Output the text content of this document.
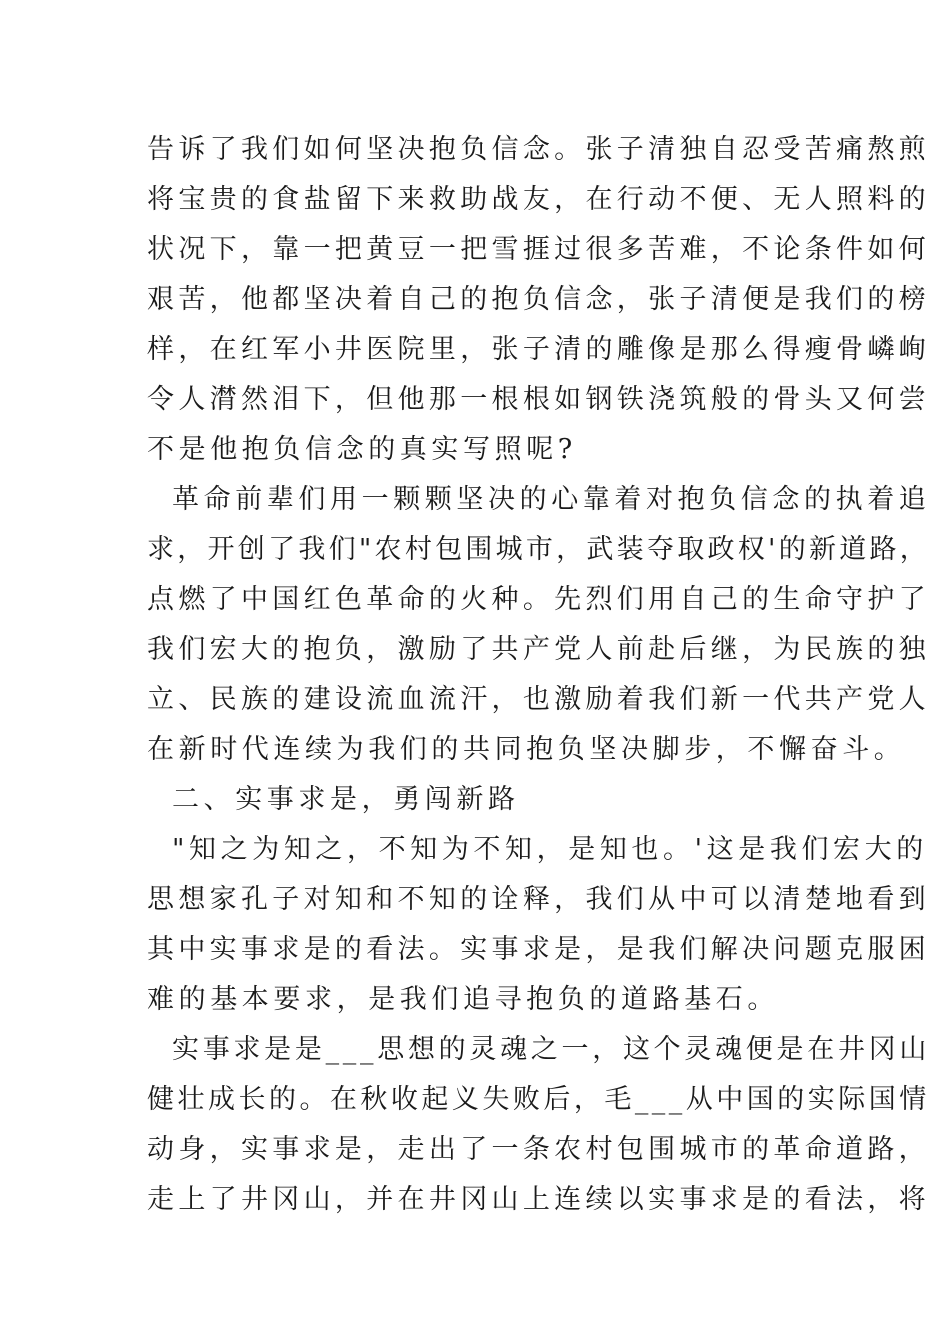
告诉了我们如何坚决抱负信念。张子清独自忍受苦痛熬煎
将宝贵的食盐留下来救助战友，在行动不便、无人照料的
状况下，靠一把黄豆一把雪捱过很多苦难，不论条件如何
艰苦，他都坚决着自己的抱负信念，张子清便是我们的榜
样，在红军小井医院里，张子清的雕像是那么得瘦骨嶙峋
令人潸然泪下，但他那一根根如钢铁浇筑般的骨头又何尝
不是他抱负信念的真实写照呢?
革命前辈们用一颗颗坚决的心靠着对抱负信念的执着追
求，开创了我们"农村包围城市，武装夺取政权'的新道路，
点燃了中国红色革命的火种。先烈们用自己的生命守护了
我们宏大的抱负，激励了共产党人前赴后继，为民族的独
立、民族的建设流血流汗，也激励着我们新一代共产党人
在新时代连续为我们的共同抱负坚决脚步，不懈奋斗。
二、实事求是，勇闯新路
"知之为知之，不知为不知，是知也。'这是我们宏大的
思想家孔子对知和不知的诠释，我们从中可以清楚地看到
其中实事求是的看法。实事求是，是我们解决问题克服困
难的基本要求，是我们追寻抱负的道路基石。
实事求是是___思想的灵魂之一，这个灵魂便是在井冈山
健壮成长的。在秋收起义失败后，毛___从中国的实际国情
动身，实事求是，走出了一条农村包围城市的革命道路，
走上了井冈山，并在井冈山上连续以实事求是的看法，将
